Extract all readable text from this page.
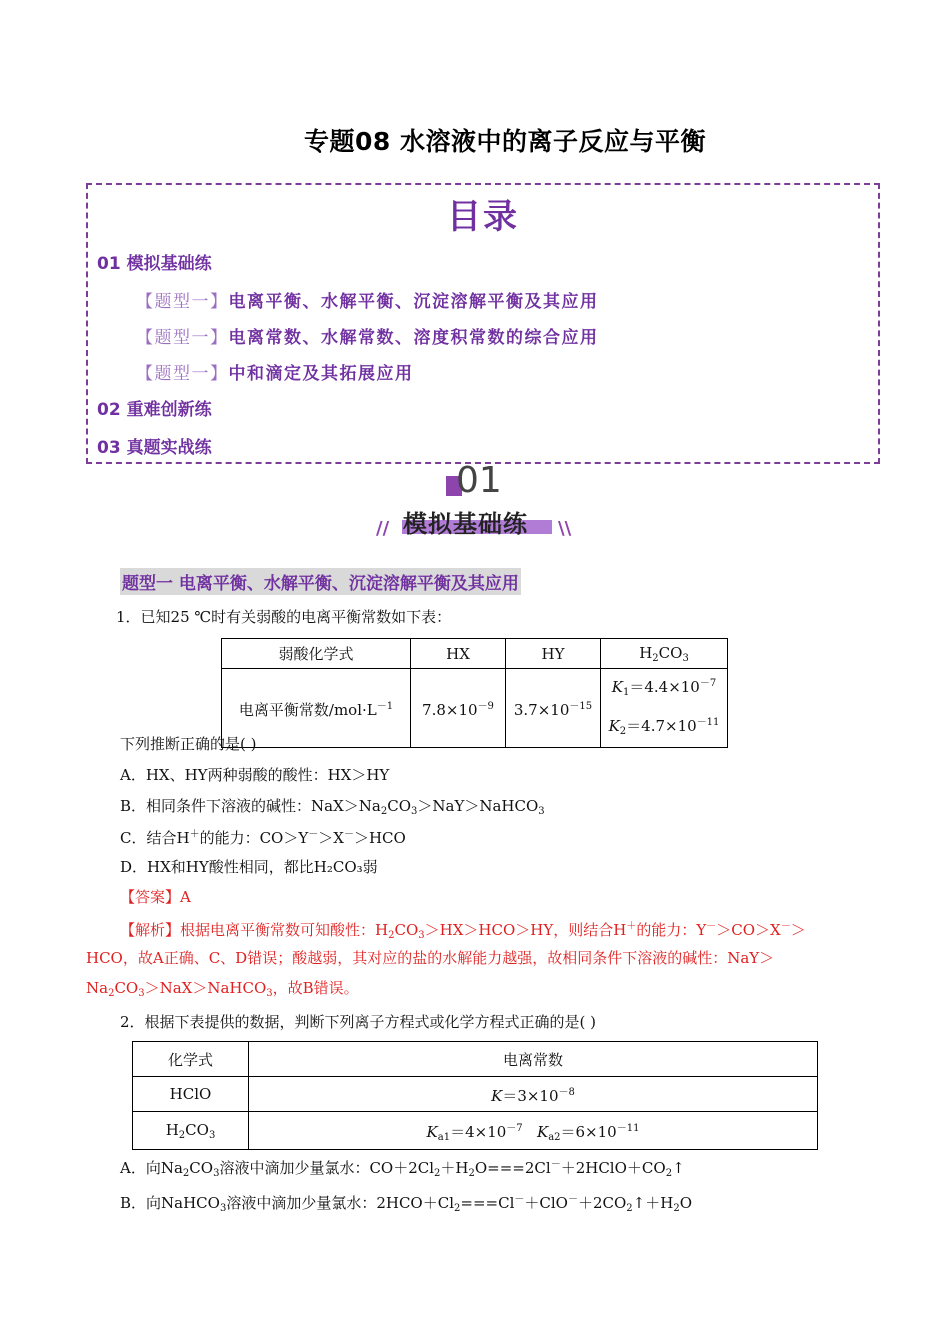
专题08 水溶液中的离子反应与平衡
目录
01 模拟基础练
【题型一】电离平衡、水解平衡、沉淀溶解平衡及其应用
【题型一】电离常数、水解常数、溶度积常数的综合应用
【题型一】中和滴定及其拓展应用
02 重难创新练
03 真题实战练
01
// 模拟基础练 \\
题型一 电离平衡、水解平衡、沉淀溶解平衡及其应用
1．已知25 ℃时有关弱酸的电离平衡常数如下表：
弱酸化学式	HX	HY	$H_2CO_3$
电离平衡常数$/mol\cdot L^{-1}$	$7.8\times 10^{-9}$	$3.7\times 10^{-15}$	$K_1=4.4\times 10^{-7}$
$K_2=4.7\times 10^{-11}$
下列推断正确的是( )
A．HX、HY两种弱酸的酸性：HX＞HY
B．相同条件下溶液的碱性：$NaX>Na_2CO_3>NaY>NaHCO_3$
C．结合H＋的能力：CO＞Y－＞X－＞HCO
D．HX和HY酸性相同，都比H₂CO₃弱
【答案】A
【解析】根据电离平衡常数可知酸性：$H_2CO_3>HX>HCO>HY$，则结合H＋的能力：Y－＞CO＞X－＞
HCO，故A正确、C、D错误；酸越弱，其对应的盐的水解能力越强，故相同条件下溶液的碱性：NaY＞
$Na_2CO_3>NaX>NaHCO_3$，故B错误。
2．根据下表提供的数据，判断下列离子方程式或化学方程式正确的是( )
化学式	电离常数
HClO	$K=3\times 10^{-8}$
$H_2CO_3$	$K_{a1}=4\times 10^{-7}$ $K_{a2}=6\times 10^{-11}$
A．向$Na_2CO_3$溶液中滴加少量氯水：$CO+2Cl_2+H_2O===2Cl^-+2HClO+CO_2↑$
B．向NaHCO$_3$溶液中滴加少量氯水：$2HCO+Cl_2===Cl^-+ClO^-+2CO_2↑+H_2O$
